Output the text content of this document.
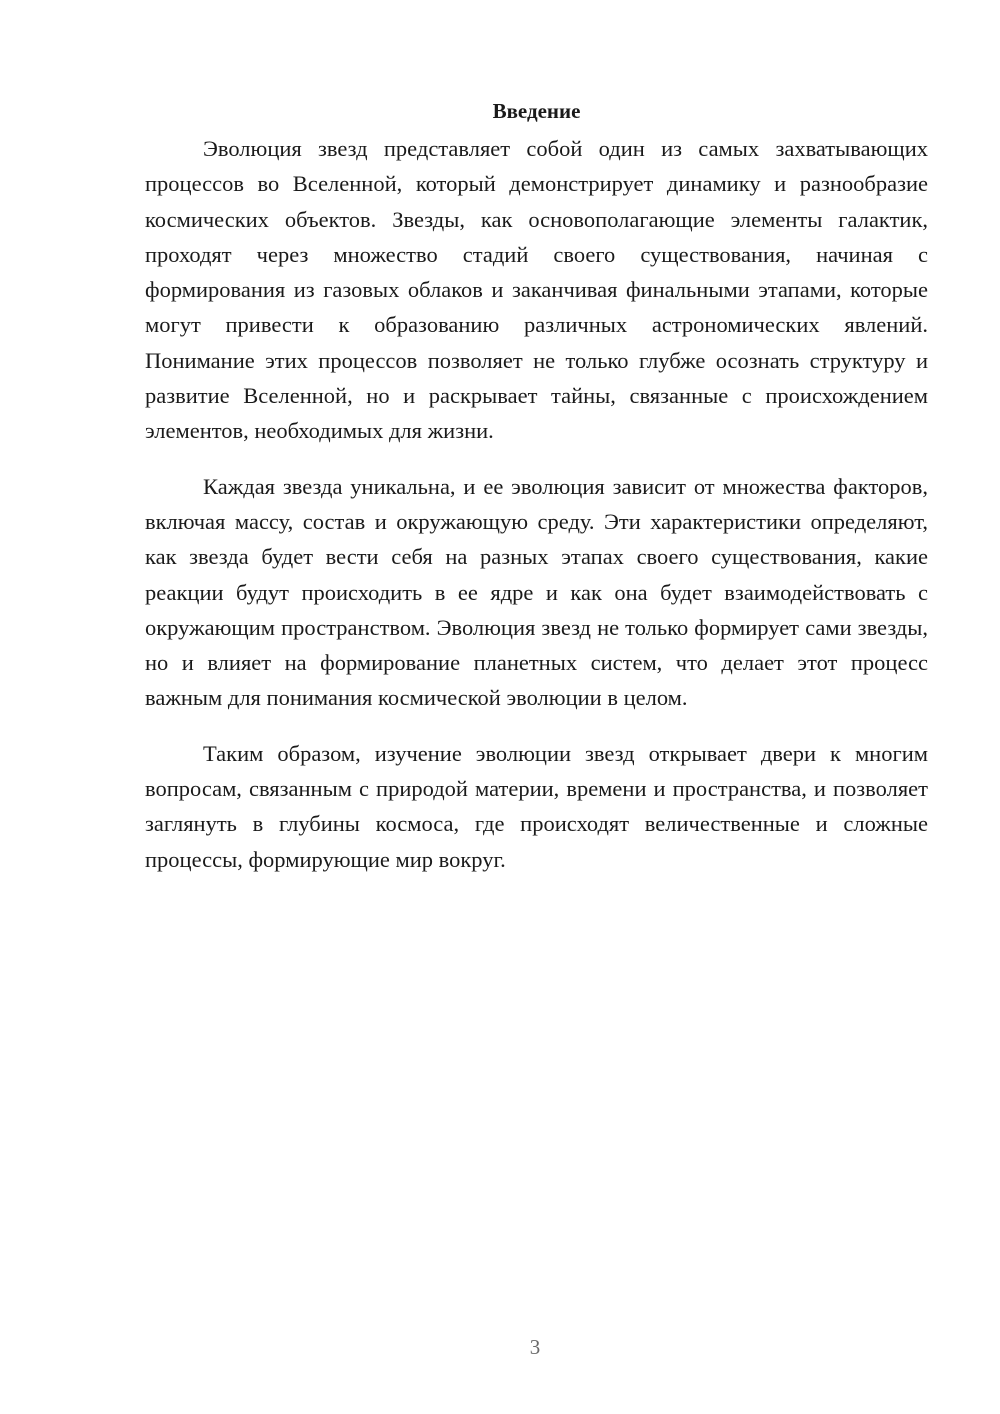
Введение

Эволюция звезд представляет собой один из самых захватывающих процессов во Вселенной, который демонстрирует динамику и разнообразие космических объектов. Звезды, как основополагающие элементы галактик, проходят через множество стадий своего существования, начиная с формирования из газовых облаков и заканчивая финальными этапами, которые могут привести к образованию различных астрономических явлений. Понимание этих процессов позволяет не только глубже осознать структуру и развитие Вселенной, но и раскрывает тайны, связанные с происхождением элементов, необходимых для жизни.

Каждая звезда уникальна, и ее эволюция зависит от множества факторов, включая массу, состав и окружающую среду. Эти характеристики определяют, как звезда будет вести себя на разных этапах своего существования, какие реакции будут происходить в ее ядре и как она будет взаимодействовать с окружающим пространством. Эволюция звезд не только формирует сами звезды, но и влияет на формирование планетных систем, что делает этот процесс важным для понимания космической эволюции в целом.

Таким образом, изучение эволюции звезд открывает двери к многим вопросам, связанным с природой материи, времени и пространства, и позволяет заглянуть в глубины космоса, где происходят величественные и сложные процессы, формирующие мир вокруг.

3
